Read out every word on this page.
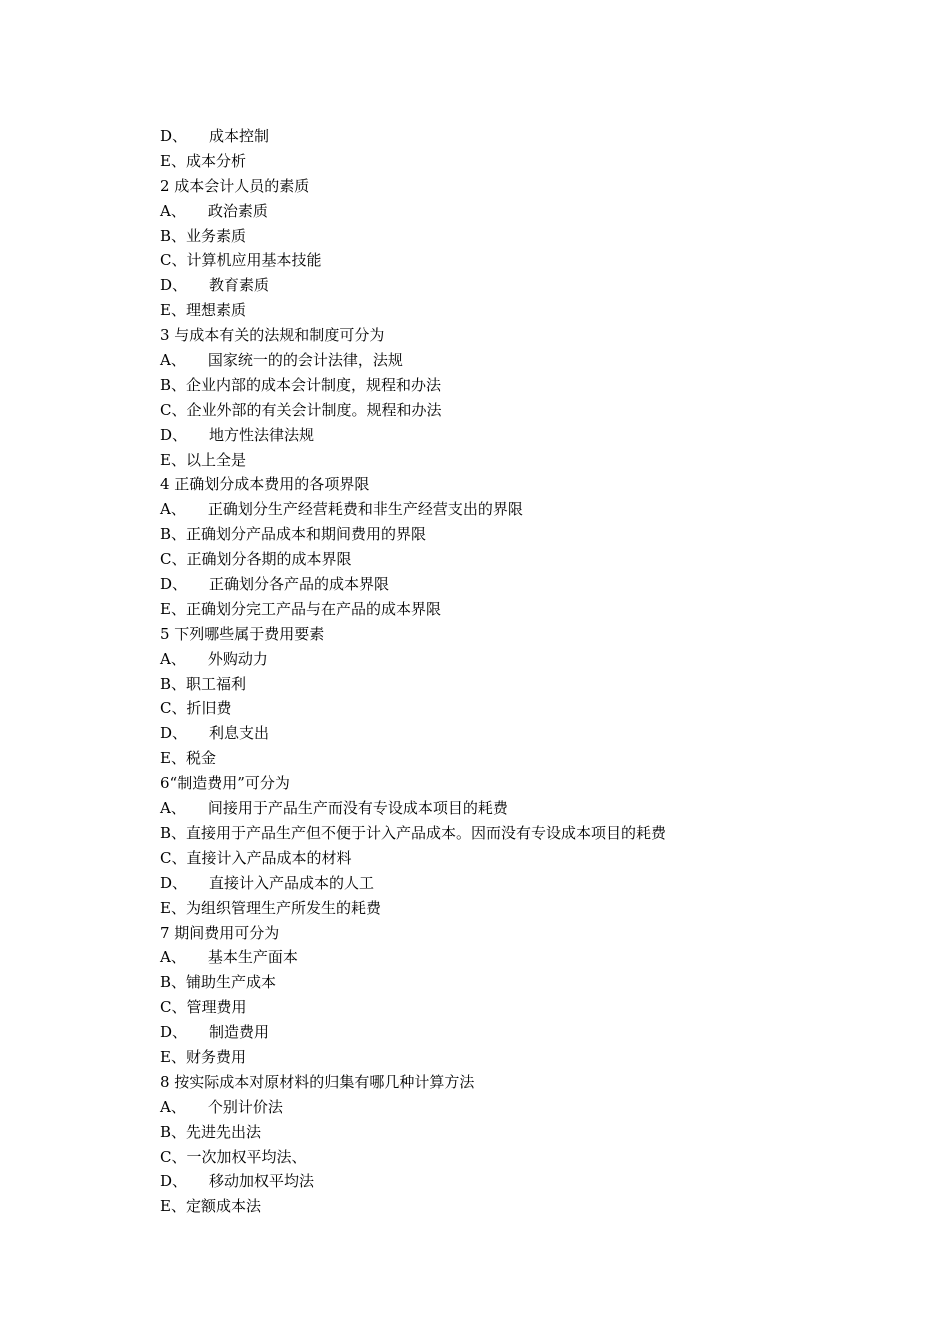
D、 成本控制
E、成本分析
2 成本会计人员的素质
A、 政治素质
B、业务素质
C、计算机应用基本技能
D、 教育素质
E、理想素质
3 与成本有关的法规和制度可分为
A、 国家统一的的会计法律，法规
B、企业内部的成本会计制度，规程和办法
C、企业外部的有关会计制度。规程和办法
D、 地方性法律法规
E、以上全是
4 正确划分成本费用的各项界限
A、 正确划分生产经营耗费和非生产经营支出的界限
B、正确划分产品成本和期间费用的界限
C、正确划分各期的成本界限
D、 正确划分各产品的成本界限
E、正确划分完工产品与在产品的成本界限
5 下列哪些属于费用要素
A、 外购动力
B、职工福利
C、折旧费
D、 利息支出
E、税金
6“制造费用”可分为
A、 间接用于产品生产而没有专设成本项目的耗费
B、直接用于产品生产但不便于计入产品成本。因而没有专设成本项目的耗费
C、直接计入产品成本的材料
D、 直接计入产品成本的人工
E、为组织管理生产所发生的耗费
7 期间费用可分为
A、 基本生产面本
B、铺助生产成本
C、管理费用
D、 制造费用
E、财务费用
8 按实际成本对原材料的归集有哪几种计算方法
A、 个别计价法
B、先进先出法
C、一次加权平均法、
D、 移动加权平均法
E、定额成本法
